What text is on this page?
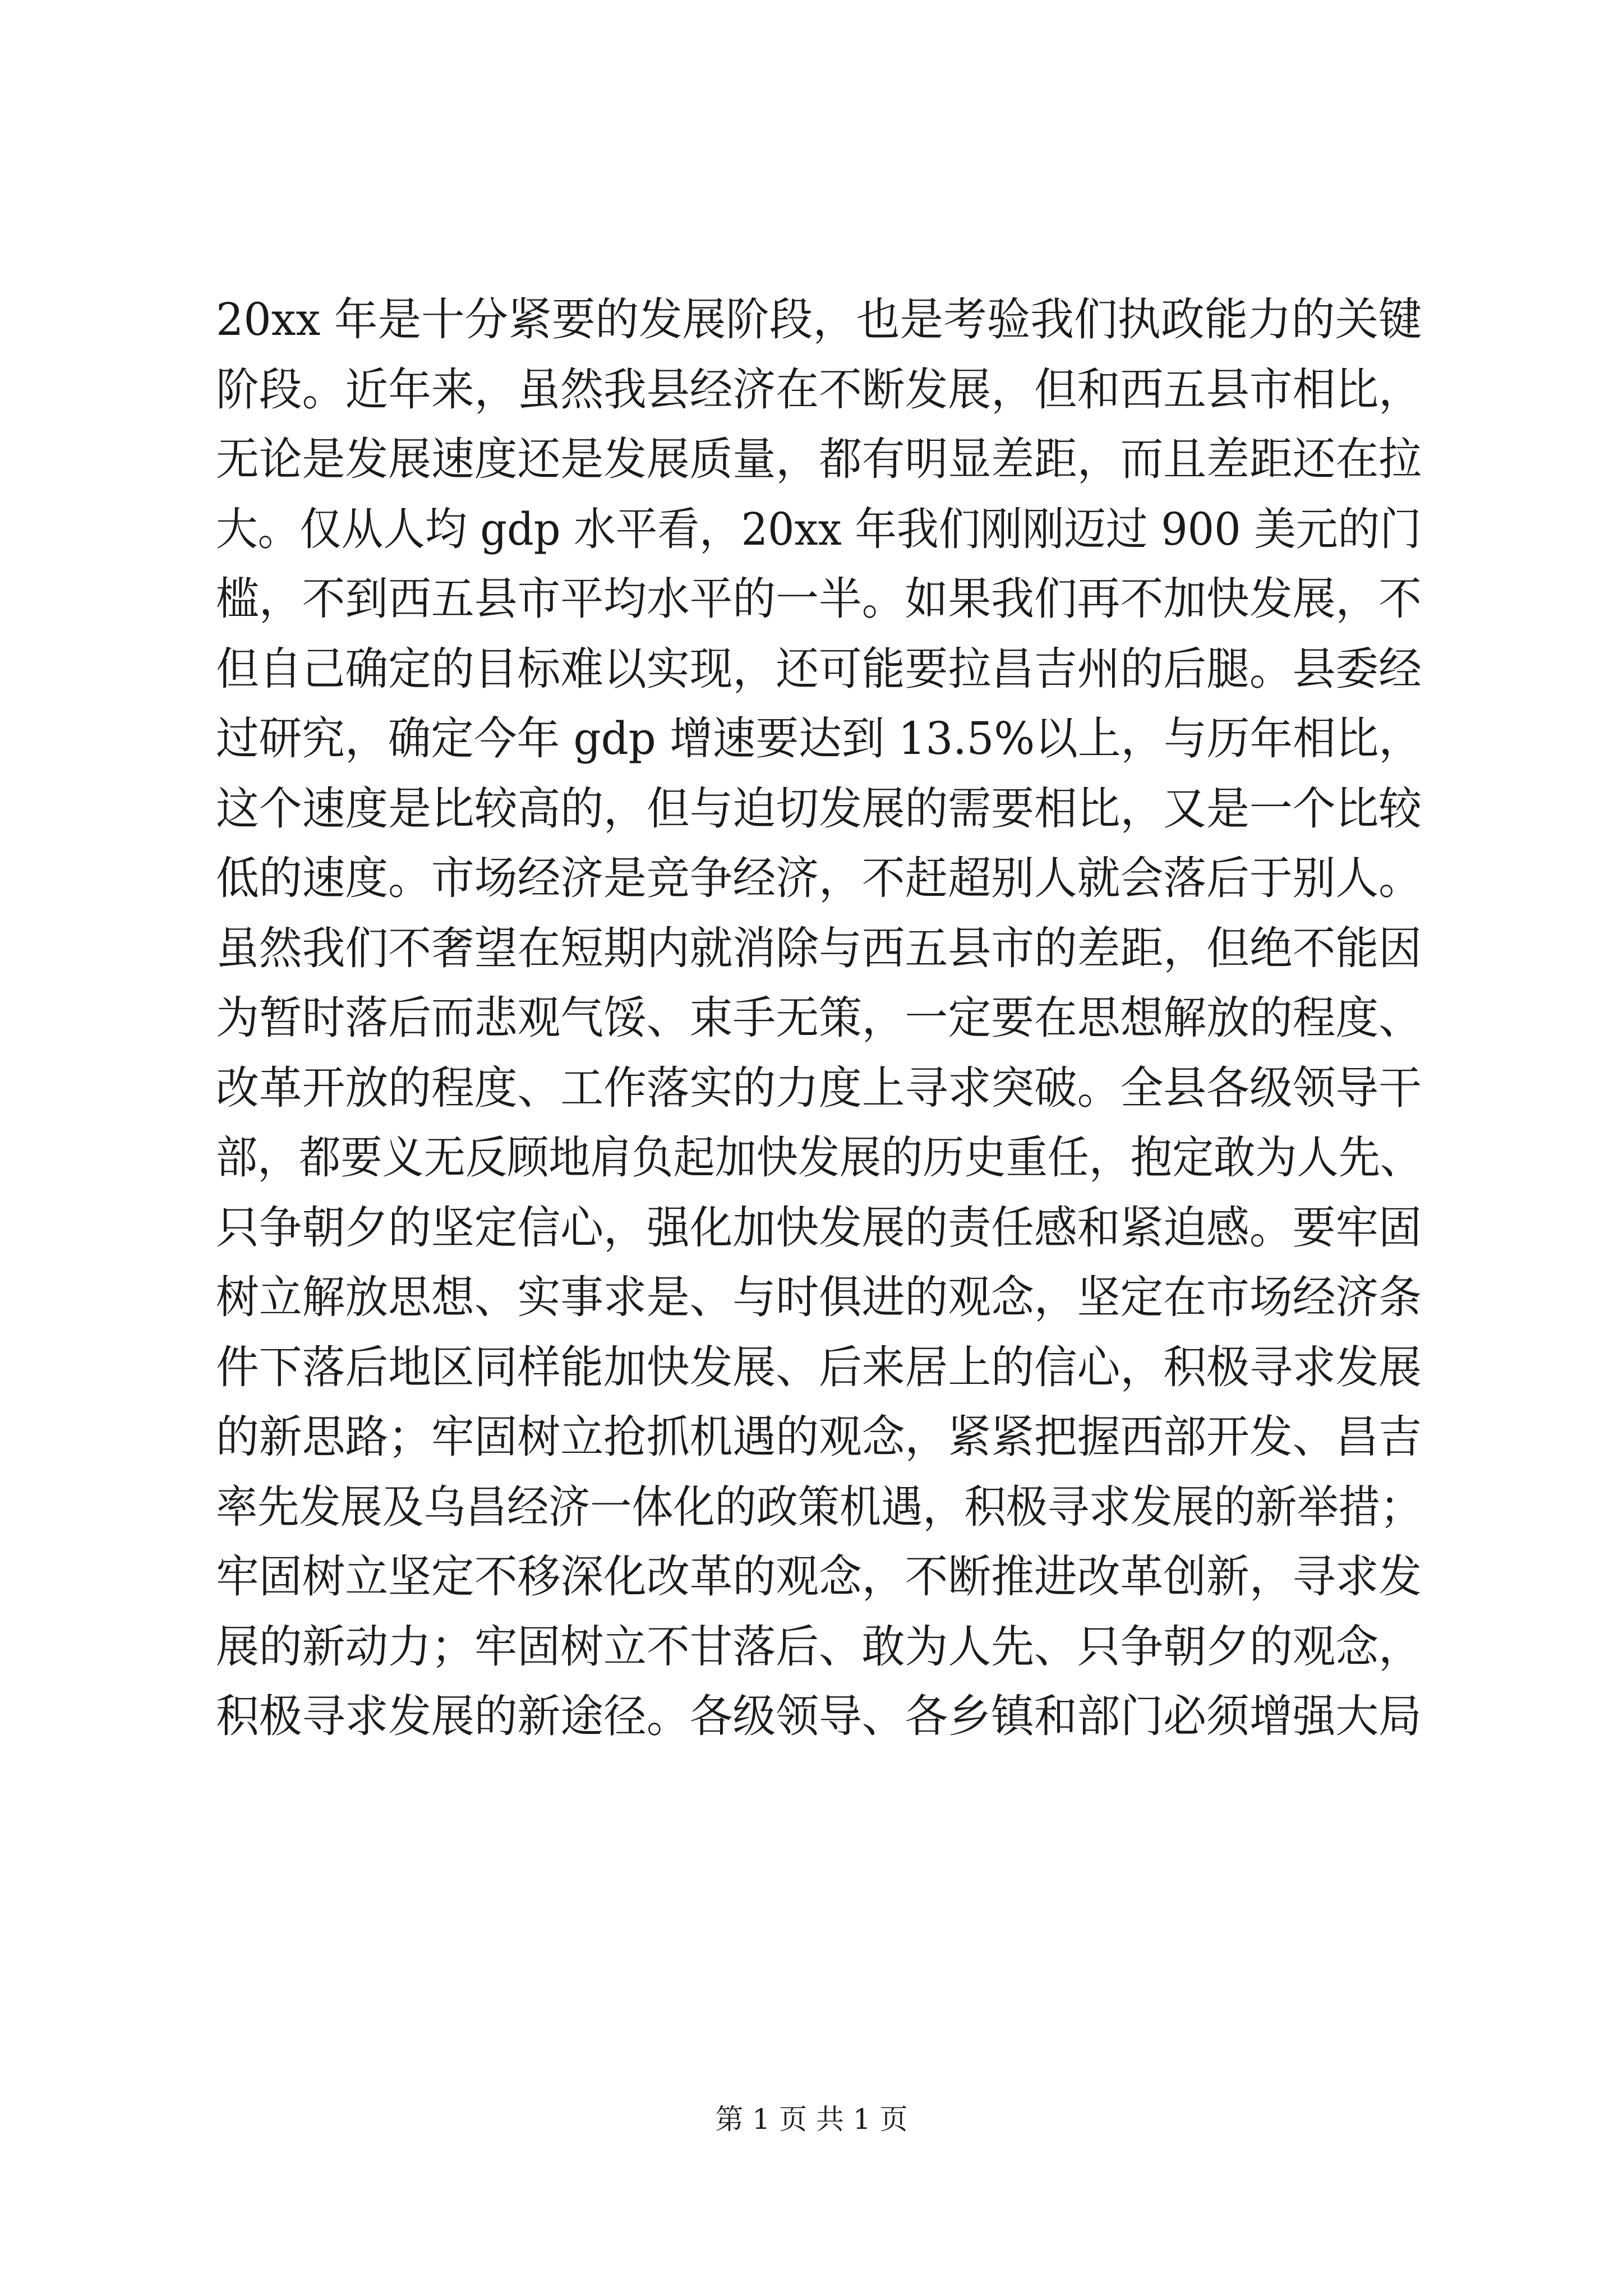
20xx 年是十分紧要的发展阶段，也是考验我们执政能力的关键
阶段。近年来，虽然我县经济在不断发展，但和西五县市相比，
无论是发展速度还是发展质量，都有明显差距，而且差距还在拉
大。仅从人均 gdp 水平看，20xx 年我们刚刚迈过 900 美元的门
槛，不到西五县市平均水平的一半。如果我们再不加快发展，不
但自己确定的目标难以实现，还可能要拉昌吉州的后腿。县委经
过研究，确定今年 gdp 增速要达到 13.5%以上，与历年相比，
这个速度是比较高的，但与迫切发展的需要相比，又是一个比较
低的速度。市场经济是竞争经济，不赶超别人就会落后于别人。
虽然我们不奢望在短期内就消除与西五县市的差距，但绝不能因
为暂时落后而悲观气馁、束手无策，一定要在思想解放的程度、
改革开放的程度、工作落实的力度上寻求突破。全县各级领导干
部，都要义无反顾地肩负起加快发展的历史重任，抱定敢为人先、
只争朝夕的坚定信心，强化加快发展的责任感和紧迫感。要牢固
树立解放思想、实事求是、与时俱进的观念，坚定在市场经济条
件下落后地区同样能加快发展、后来居上的信心，积极寻求发展
的新思路；牢固树立抢抓机遇的观念，紧紧把握西部开发、昌吉
率先发展及乌昌经济一体化的政策机遇，积极寻求发展的新举措；
牢固树立坚定不移深化改革的观念，不断推进改革创新，寻求发
展的新动力；牢固树立不甘落后、敢为人先、只争朝夕的观念，
积极寻求发展的新途径。各级领导、各乡镇和部门必须增强大局
第 1 页 共 1 页
